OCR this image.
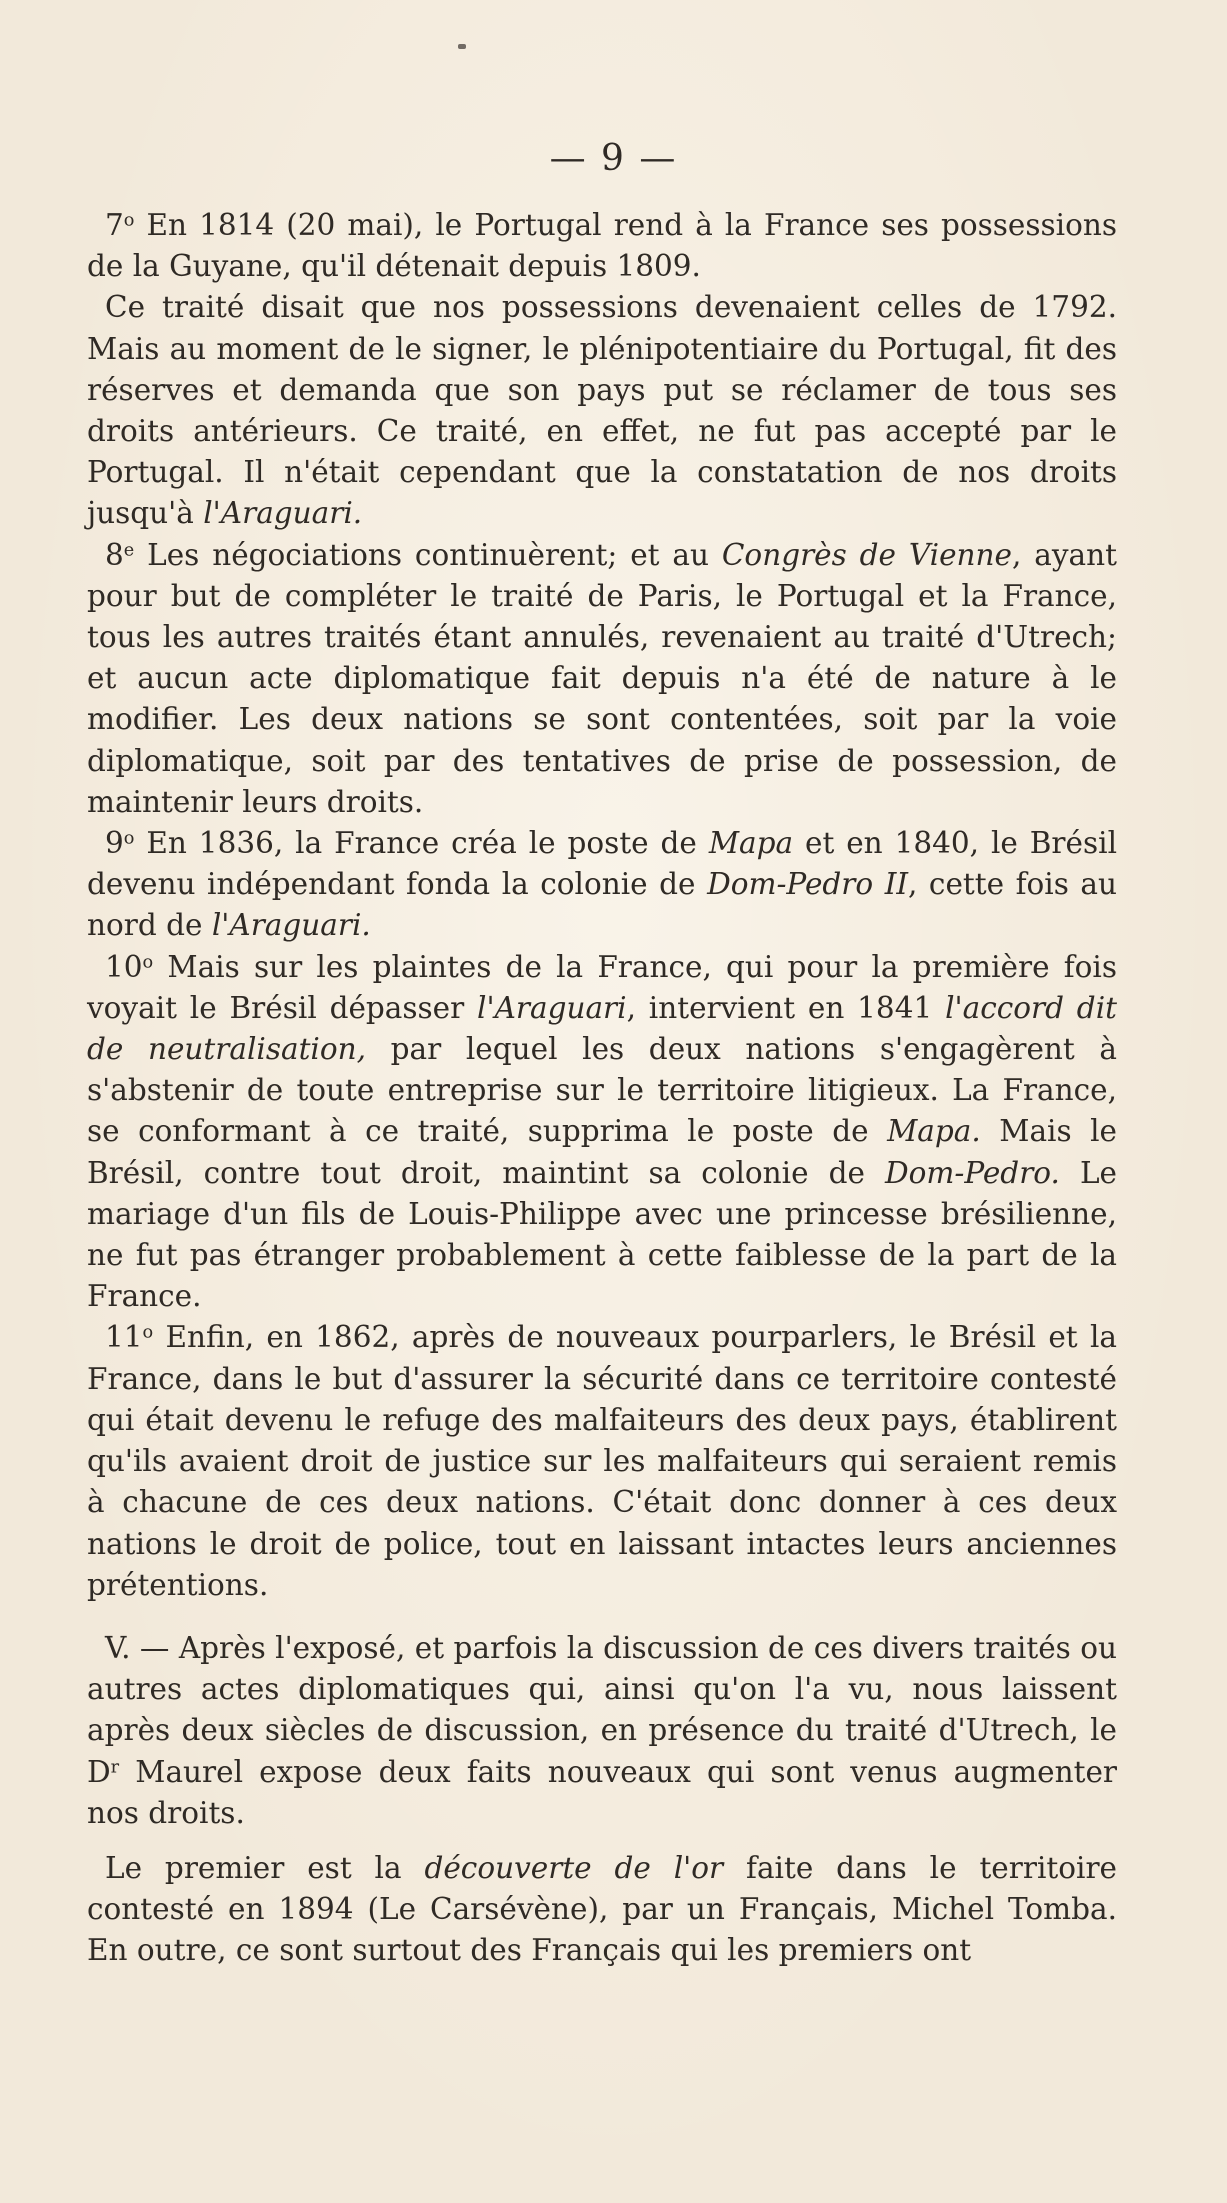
— 9 —

7$^o$ En 1814 (20 mai), le Portugal rend à la France ses possessions de la Guyane, qu'il détenait depuis 1809.

Ce traité disait que nos possessions devenaient celles de 1792. Mais au moment de le signer, le plénipotentiaire du Portugal, fit des réserves et demanda que son pays put se réclamer de tous ses droits antérieurs. Ce traité, en effet, ne fut pas accepté par le Portugal. Il n'était cependant que la constatation de nos droits jusqu'à l'Araguari.

8e Les négociations continuèrent; et au Congrès de Vienne, ayant pour but de compléter le traité de Paris, le Portugal et la France, tous les autres traités étant annulés, revenaient au traité d'Utrech; et aucun acte diplomatique fait depuis n'a été de nature à le modifier. Les deux nations se sont contentées, soit par la voie diplomatique, soit par des tentatives de prise de possession, de maintenir leurs droits.

9$^o$ En 1836, la France créa le poste de Mapa et en 1840, le Brésil devenu indépendant fonda la colonie de Dom-Pedro II, cette fois au nord de l'Araguari.

10$^o$ Mais sur les plaintes de la France, qui pour la première fois voyait le Brésil dépasser l'Araguari, intervient en 1841 l'accord dit de neutralisation, par lequel les deux nations s'engagèrent à s'abstenir de toute entreprise sur le territoire litigieux. La France, se conformant à ce traité, supprima le poste de Mapa. Mais le Brésil, contre tout droit, maintint sa colonie de Dom-Pedro. Le mariage d'un fils de Louis-Philippe avec une princesse brésilienne, ne fut pas étranger probablement à cette faiblesse de la part de la France.

11$^o$ Enfin, en 1862, après de nouveaux pourparlers, le Brésil et la France, dans le but d'assurer la sécurité dans ce territoire contesté qui était devenu le refuge des malfaiteurs des deux pays, établirent qu'ils avaient droit de justice sur les malfaiteurs qui seraient remis à chacune de ces deux nations. C'était donc donner à ces deux nations le droit de police, tout en laissant intactes leurs anciennes prétentions.

V. — Après l'exposé, et parfois la discussion de ces divers traités ou autres actes diplomatiques qui, ainsi qu'on l'a vu, nous laissent après deux siècles de discussion, en présence du traité d'Utrech, le $D^r$ Maurel expose deux faits nouveaux qui sont venus augmenter nos droits.

Le premier est la découverte de l'or faite dans le territoire contesté en 1894 (Le Carsévène), par un Français, Michel Tomba. En outre, ce sont surtout des Français qui les premiers ont
